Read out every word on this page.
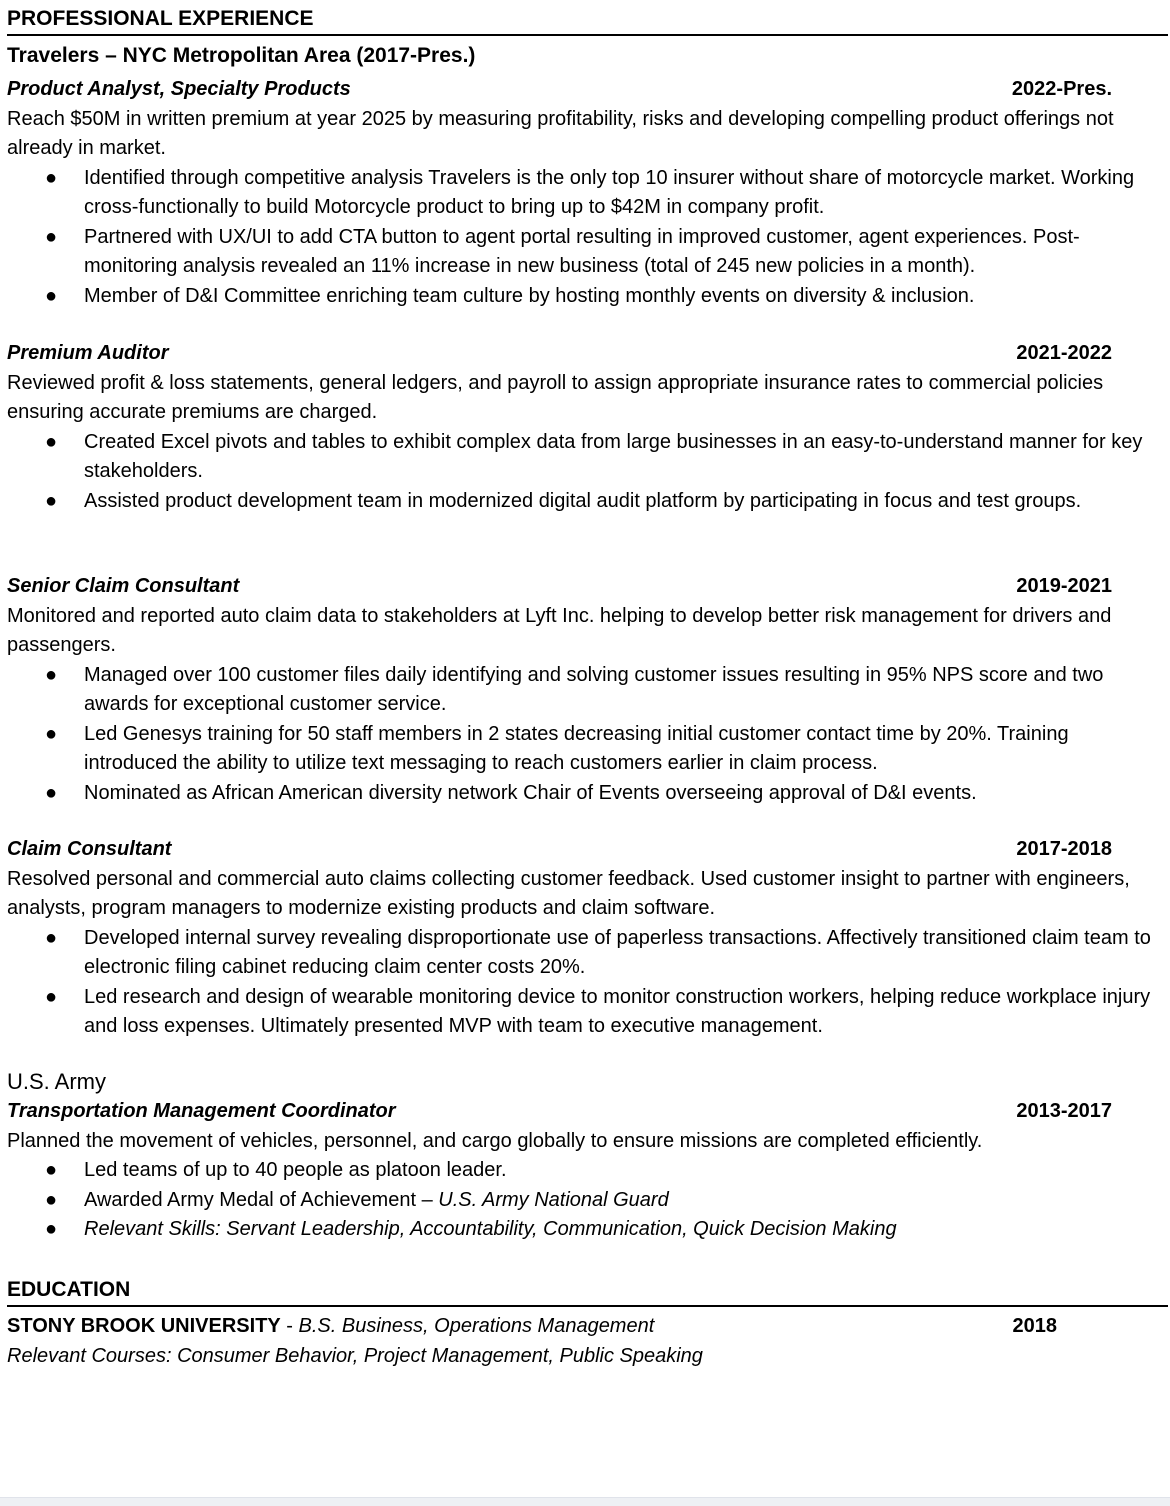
PROFESSIONAL EXPERIENCE
Travelers – NYC Metropolitan Area (2017-Pres.)
Product Analyst, Specialty Products	2022-Pres.

Reach $50M in written premium at year 2025 by measuring profitability, risks and developing compelling product offerings not already in market.

● Identified through competitive analysis Travelers is the only top 10 insurer without share of motorcycle market. Working cross-functionally to build Motorcycle product to bring up to $42M in company profit.
● Partnered with UX/UI to add CTA button to agent portal resulting in improved customer, agent experiences. Post-monitoring analysis revealed an 11% increase in new business (total of 245 new policies in a month).
● Member of D&I Committee enriching team culture by hosting monthly events on diversity & inclusion.
Premium Auditor	2021-2022

Reviewed profit & loss statements, general ledgers, and payroll to assign appropriate insurance rates to commercial policies ensuring accurate premiums are charged.

● Created Excel pivots and tables to exhibit complex data from large businesses in an easy-to-understand manner for key stakeholders.
● Assisted product development team in modernized digital audit platform by participating in focus and test groups.
Senior Claim Consultant	2019-2021

Monitored and reported auto claim data to stakeholders at Lyft Inc. helping to develop better risk management for drivers and passengers.

● Managed over 100 customer files daily identifying and solving customer issues resulting in 95% NPS score and two awards for exceptional customer service.
● Led Genesys training for 50 staff members in 2 states decreasing initial customer contact time by 20%. Training introduced the ability to utilize text messaging to reach customers earlier in claim process.
● Nominated as African American diversity network Chair of Events overseeing approval of D&I events.
Claim Consultant	2017-2018

Resolved personal and commercial auto claims collecting customer feedback. Used customer insight to partner with engineers, analysts, program managers to modernize existing products and claim software.

● Developed internal survey revealing disproportionate use of paperless transactions. Affectively transitioned claim team to electronic filing cabinet reducing claim center costs 20%.
● Led research and design of wearable monitoring device to monitor construction workers, helping reduce workplace injury and loss expenses. Ultimately presented MVP with team to executive management.
U.S. Army
Transportation Management Coordinator	2013-2017

Planned the movement of vehicles, personnel, and cargo globally to ensure missions are completed efficiently.

● Led teams of up to 40 people as platoon leader.
● Awarded Army Medal of Achievement – U.S. Army National Guard
● Relevant Skills: Servant Leadership, Accountability, Communication, Quick Decision Making
EDUCATION
STONY BROOK UNIVERSITY - B.S. Business, Operations Management	2018
Relevant Courses: Consumer Behavior, Project Management, Public Speaking
